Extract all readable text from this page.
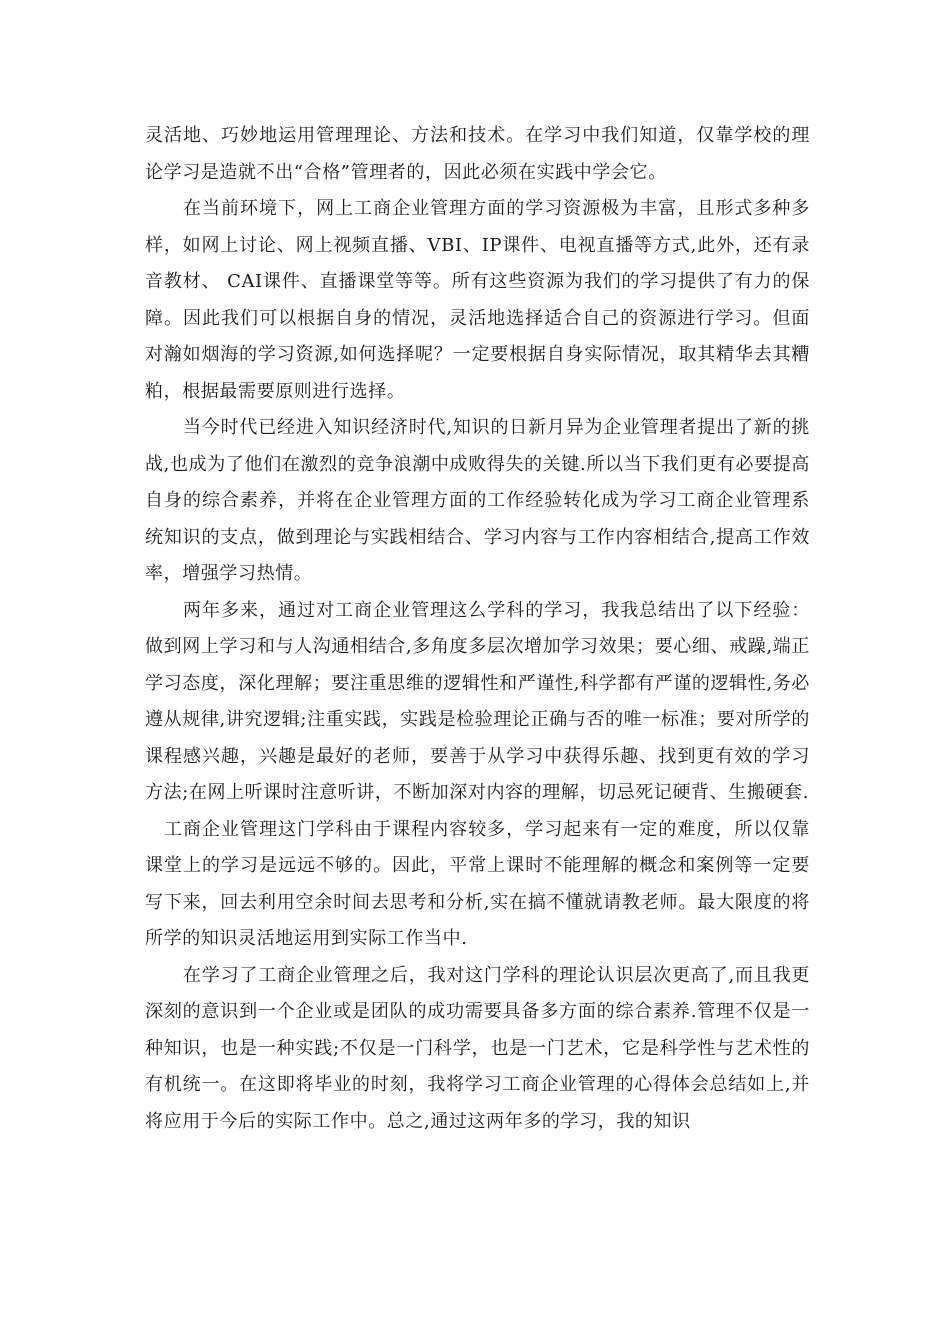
灵活地、巧妙地运用管理理论、方法和技术。在学习中我们知道，仅靠学校的理论学习是造就不出“合格”管理者的，因此必须在实践中学会它。

在当前环境下，网上工商企业管理方面的学习资源极为丰富，且形式多种多样，如网上讨论、网上视频直播、VBI、IP课件、电视直播等方式,此外，还有录音教材、 CAI课件、直播课堂等等。所有这些资源为我们的学习提供了有力的保障。因此我们可以根据自身的情况，灵活地选择适合自己的资源进行学习。但面对瀚如烟海的学习资源,如何选择呢？一定要根据自身实际情况，取其精华去其糟粕，根据最需要原则进行选择。

当今时代已经进入知识经济时代,知识的日新月异为企业管理者提出了新的挑战,也成为了他们在激烈的竞争浪潮中成败得失的关键.所以当下我们更有必要提高自身的综合素养，并将在企业管理方面的工作经验转化成为学习工商企业管理系统知识的支点，做到理论与实践相结合、学习内容与工作内容相结合,提高工作效率，增强学习热情。

两年多来，通过对工商企业管理这么学科的学习，我我总结出了以下经验：做到网上学习和与人沟通相结合,多角度多层次增加学习效果；要心细、戒躁,端正学习态度，深化理解；要注重思维的逻辑性和严谨性,科学都有严谨的逻辑性,务必遵从规律,讲究逻辑;注重实践，实践是检验理论正确与否的唯一标准；要对所学的课程感兴趣，兴趣是最好的老师，要善于从学习中获得乐趣、找到更有效的学习方法;在网上听课时注意听讲，不断加深对内容的理解，切忌死记硬背、生搬硬套.

工商企业管理这门学科由于课程内容较多，学习起来有一定的难度，所以仅靠课堂上的学习是远远不够的。因此，平常上课时不能理解的概念和案例等一定要写下来，回去利用空余时间去思考和分析,实在搞不懂就请教老师。最大限度的将所学的知识灵活地运用到实际工作当中.

在学习了工商企业管理之后，我对这门学科的理论认识层次更高了,而且我更深刻的意识到一个企业或是团队的成功需要具备多方面的综合素养.管理不仅是一种知识，也是一种实践;不仅是一门科学，也是一门艺术，它是科学性与艺术性的有机统一。在这即将毕业的时刻，我将学习工商企业管理的心得体会总结如上,并将应用于今后的实际工作中。总之,通过这两年多的学习，我的知识
